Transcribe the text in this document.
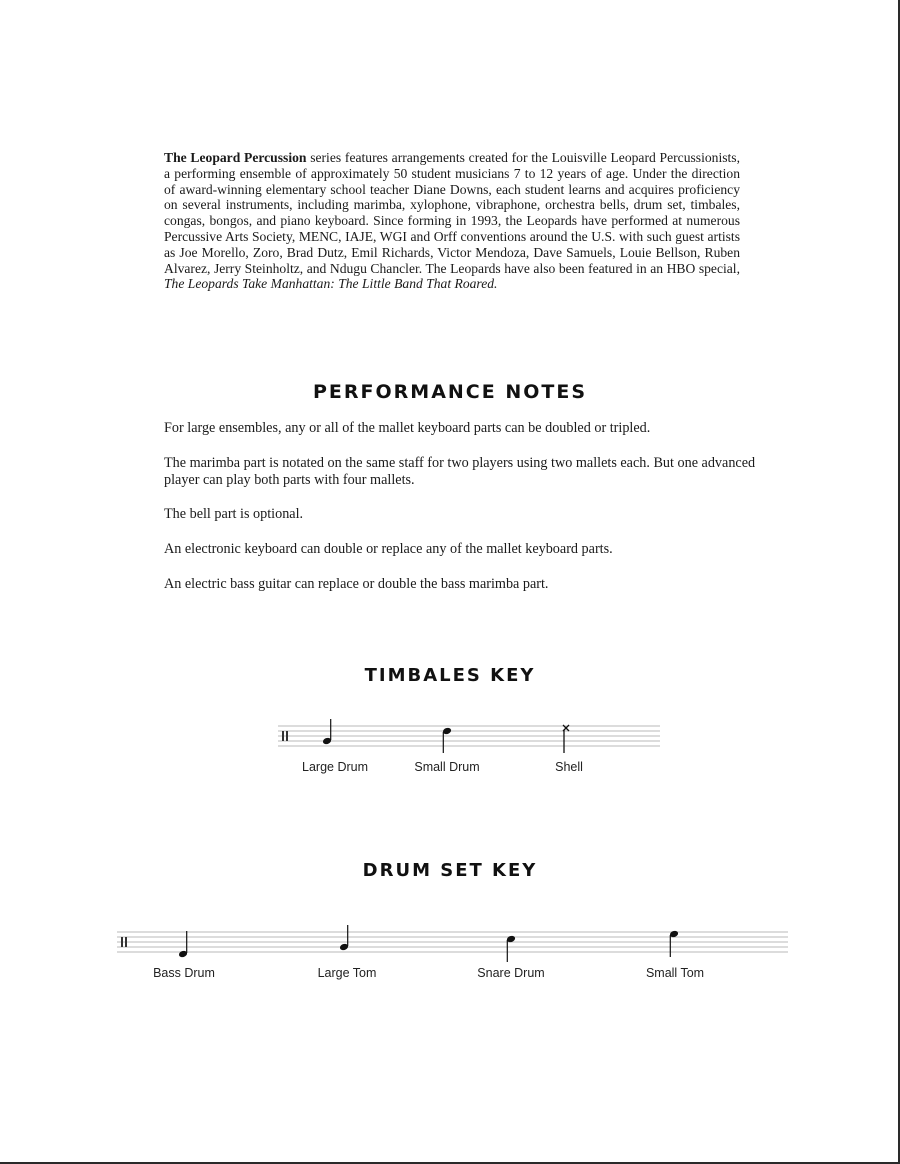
The Leopard Percussion series features arrangements created for the Louisville Leopard Percussionists, a performing ensemble of approximately 50 student musicians 7 to 12 years of age. Under the direction of award-winning elementary school teacher Diane Downs, each student learns and acquires proficiency on several instruments, including marimba, xylophone, vibraphone, orchestra bells, drum set, timbales, congas, bongos, and piano keyboard. Since forming in 1993, the Leopards have performed at numerous Percussive Arts Society, MENC, IAJE, WGI and Orff conventions around the U.S. with such guest artists as Joe Morello, Zoro, Brad Dutz, Emil Richards, Victor Mendoza, Dave Samuels, Louie Bellson, Ruben Alvarez, Jerry Steinholtz, and Ndugu Chancler. The Leopards have also been featured in an HBO special, The Leopards Take Manhattan: The Little Band That Roared.

PERFORMANCE NOTES

For large ensembles, any or all of the mallet keyboard parts can be doubled or tripled.

The marimba part is notated on the same staff for two players using two mallets each. But one advanced player can play both parts with four mallets.

The bell part is optional.

An electronic keyboard can double or replace any of the mallet keyboard parts.

An electric bass guitar can replace or double the bass marimba part.

TIMBALES KEY
Large Drum	Small Drum	Shell
DRUM SET KEY
Bass Drum	Large Tom	Snare Drum	Small Tom
